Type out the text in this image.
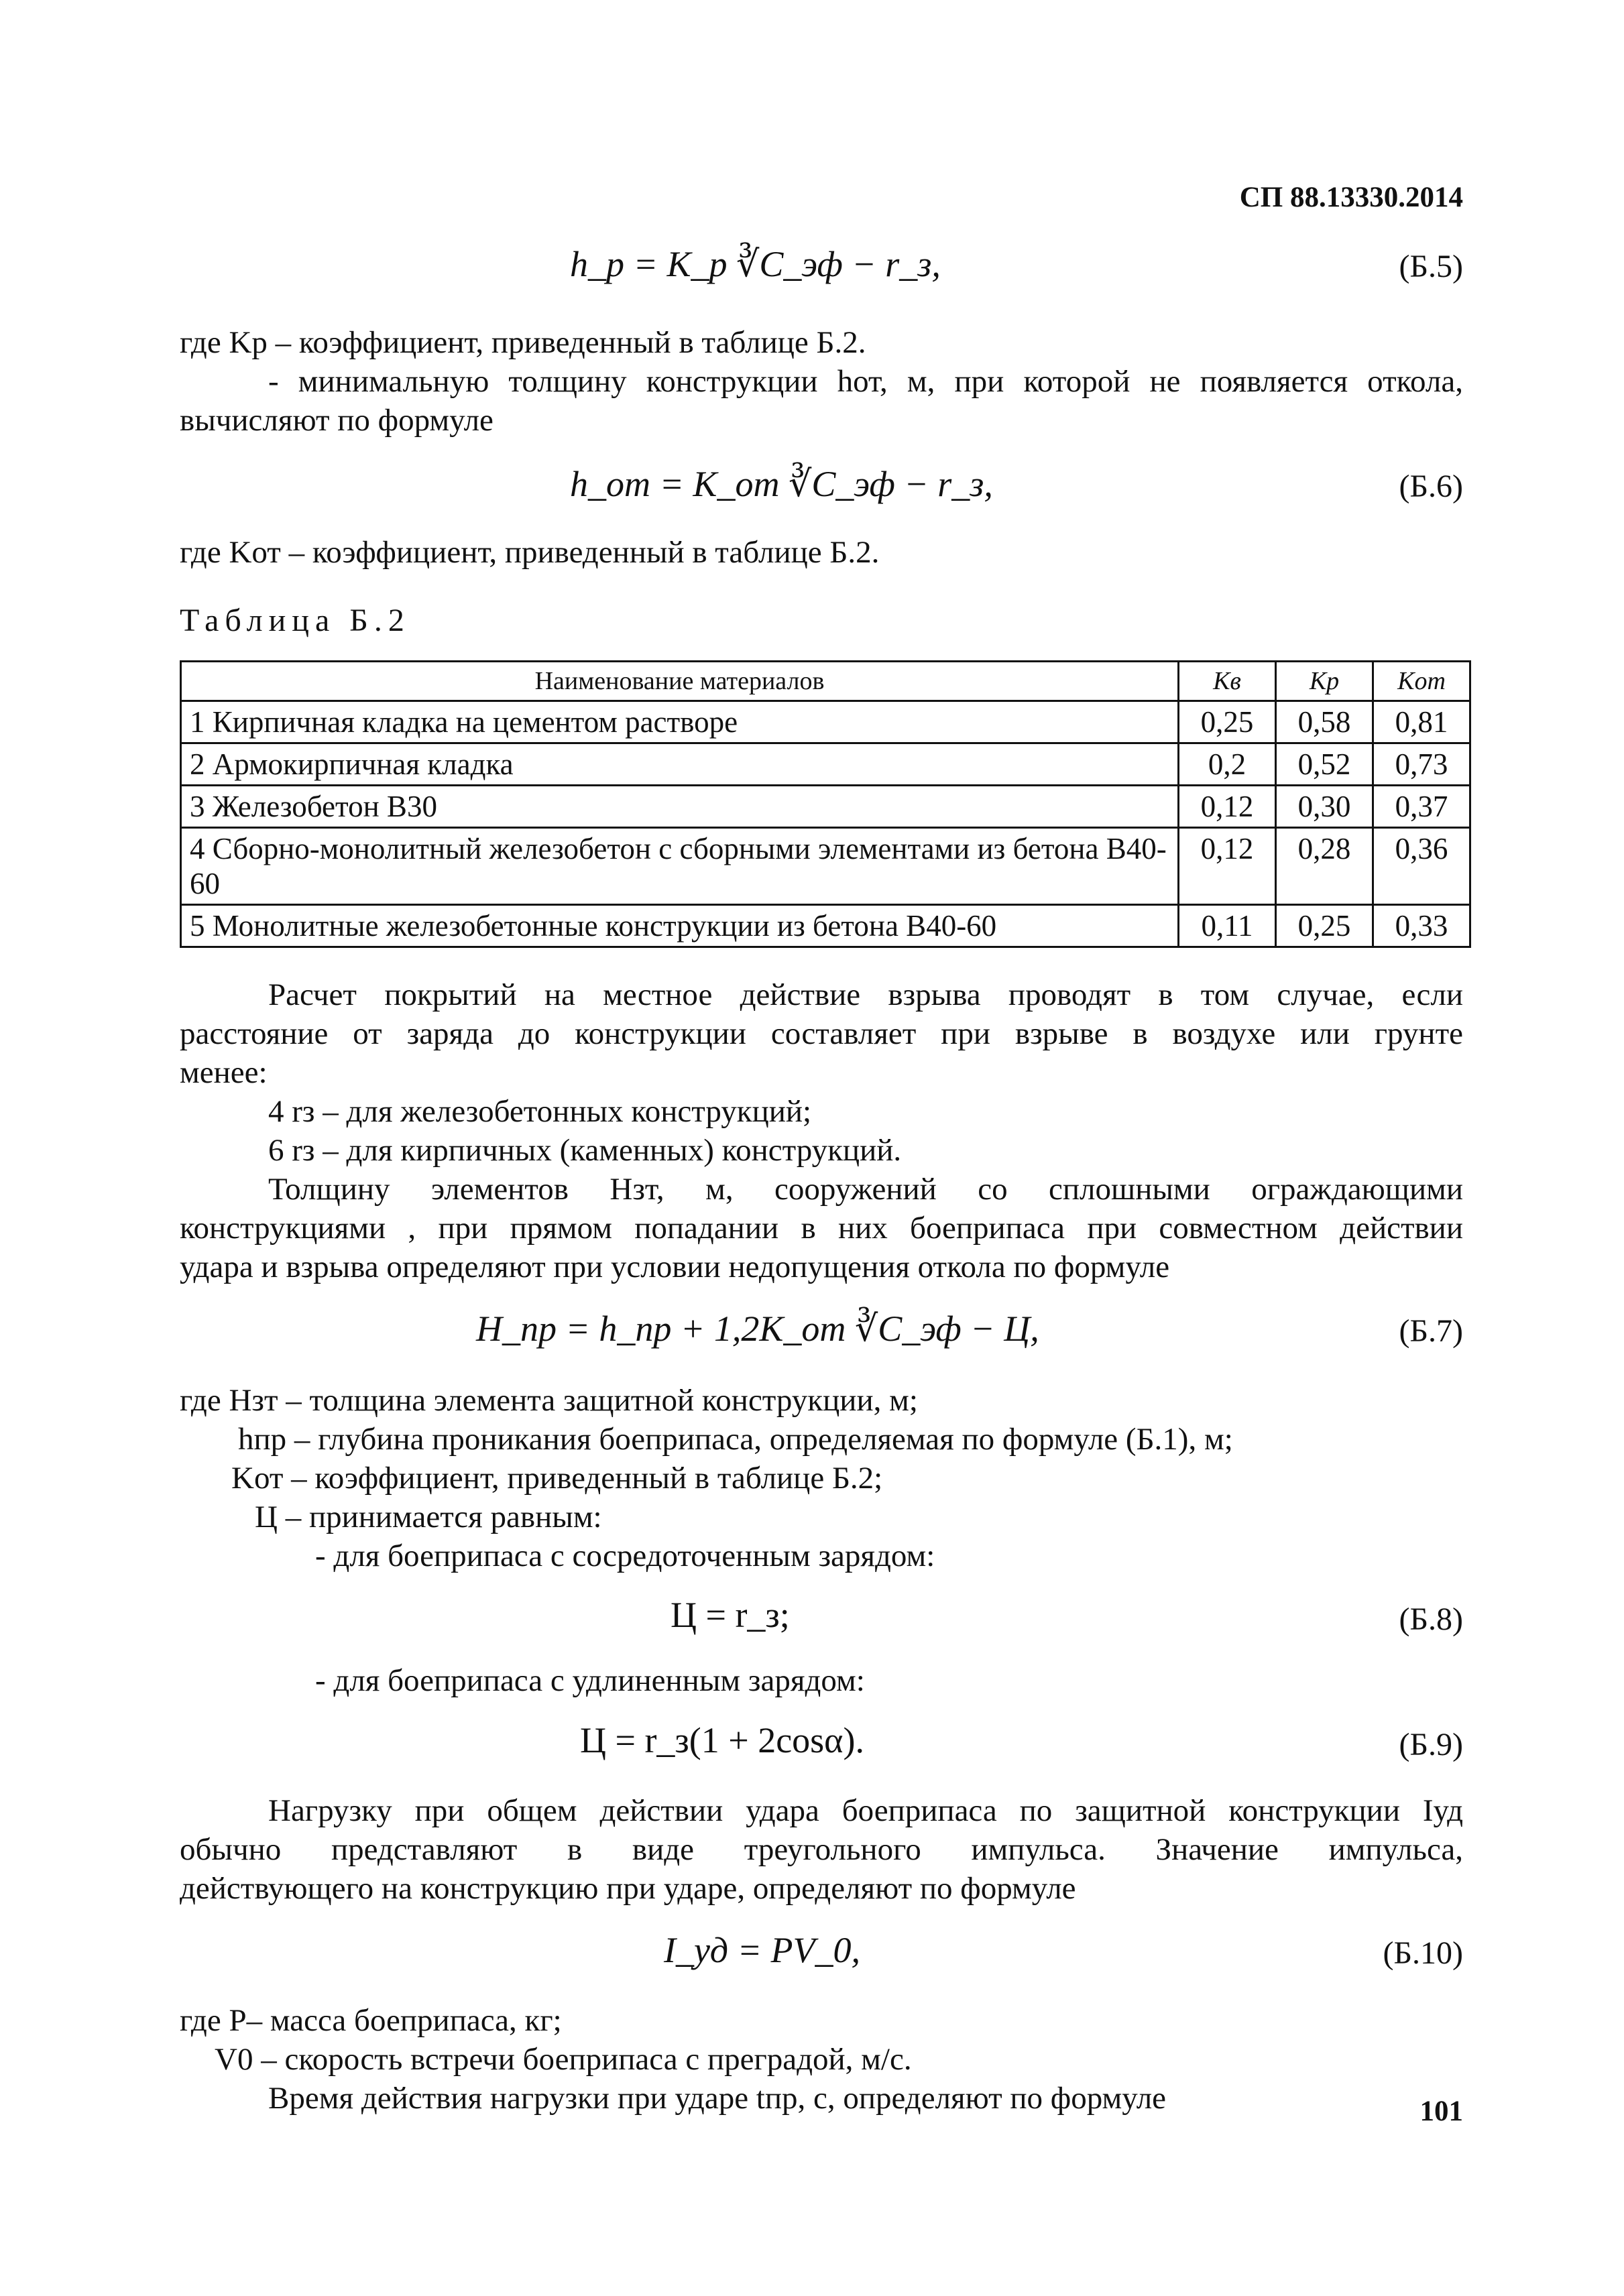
СП 88.13330.2014
h_р = K_р ∛C_эф − r_з,	(Б.5)
где Kр – коэффициент, приведенный в таблице Б.2.
- минимальную толщину конструкции hот, м, при которой не появляется откола,
вычисляют по формуле
h_от = K_от ∛C_эф − r_з,	(Б.6)
где Kот – коэффициент, приведенный в таблице Б.2.
Таблица Б.2
Наименование материалов	Kв	Kр	Kот
1 Кирпичная кладка на цементом растворе	0,25	0,58	0,81
2 Армокирпичная кладка	0,2	0,52	0,73
3 Железобетон В30	0,12	0,30	0,37
4 Сборно-монолитный железобетон с сборными элементами из бетона В40-60	0,12	0,28	0,36
5 Монолитные железобетонные конструкции из бетона В40-60	0,11	0,25	0,33
Расчет покрытий на местное действие взрыва проводят в том случае, если
расстояние от заряда до конструкции составляет при взрыве в воздухе или грунте
менее:
4 rз – для железобетонных конструкций;
6 rз – для кирпичных (каменных) конструкций.
Толщину элементов Hзт, м, сооружений со сплошными ограждающими
конструкциями , при прямом попадании в них боеприпаса при совместном действии
удара и взрыва определяют при условии недопущения откола по формуле
H_пр = h_пр + 1,2K_от ∛C_эф − Ц,	(Б.7)
где Hзт – толщина элемента защитной конструкции, м;
hпр – глубина проникания боеприпаса, определяемая по формуле (Б.1), м;
Kот – коэффициент, приведенный в таблице Б.2;
Ц – принимается равным:
- для боеприпаса с сосредоточенным зарядом:
Ц = r_з;	(Б.8)
- для боеприпаса с удлиненным зарядом:
Ц = r_з(1 + 2cosα).	(Б.9)
Нагрузку при общем действии удара боеприпаса по защитной конструкции Iуд
обычно представляют в виде треугольного импульса. Значение импульса,
действующего на конструкцию при ударе, определяют по формуле
I_уд = PV_0,	(Б.10)
где P– масса боеприпаса, кг;
V0 – скорость встречи боеприпаса с преградой, м/с.
Время действия нагрузки при ударе tпр, с, определяют по формуле	101
